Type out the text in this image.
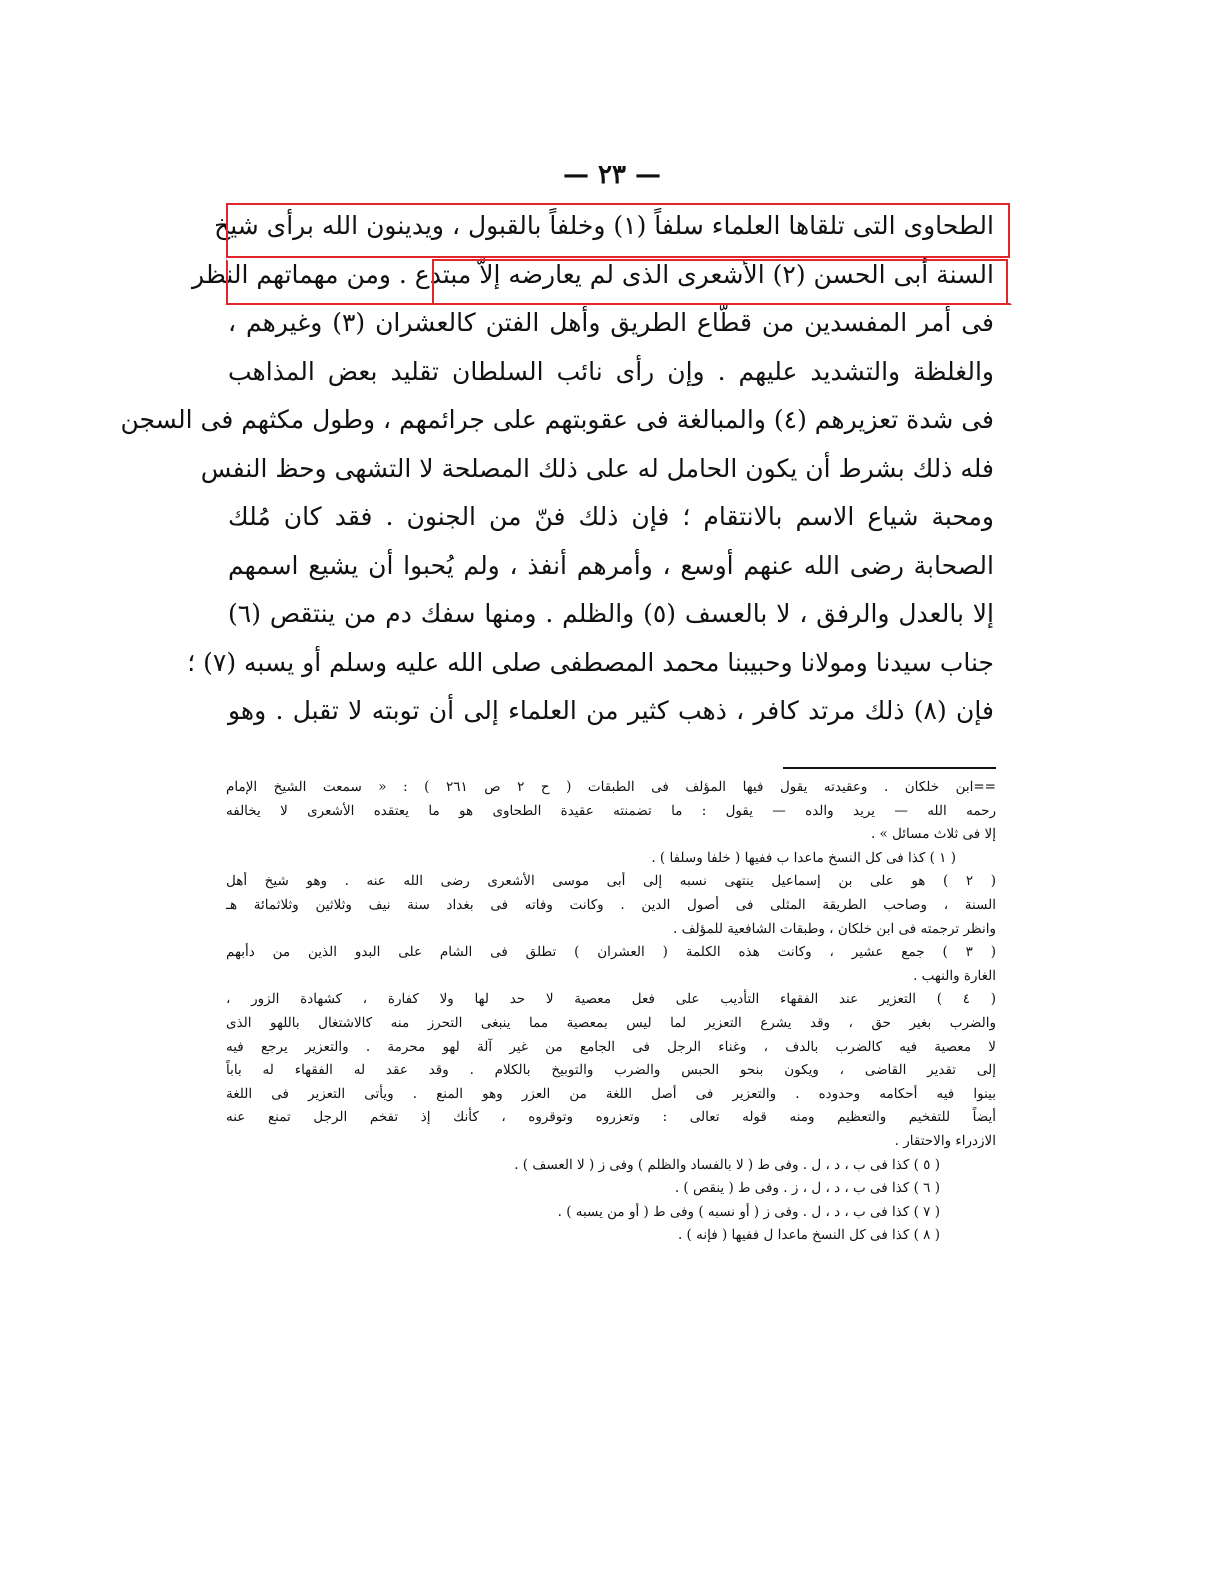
— ٢٣ —
الطحاوى التى تلقاها العلماء سلفاً (١) وخلفاً بالقبول ، ويدينون الله برأى شيخ
السنة أبى الحسن (٢) الأشعرى الذى لم يعارضه إلاّ مبتدع . ومن مهماتهم النظر
فى أمر المفسدين من قطّاع الطريق وأهل الفتن كالعشران (٣) وغيرهم ،
والغلظة والتشديد عليهم . وإن رأى نائب السلطان تقليد بعض المذاهب
فى شدة تعزيرهم (٤) والمبالغة فى عقوبتهم على جرائمهم ، وطول مكثهم فى السجن
فله ذلك بشرط أن يكون الحامل له على ذلك المصلحة لا التشهى وحظ النفس
ومحبة شياع الاسم بالانتقام ؛ فإن ذلك فنّ من الجنون . فقد كان مُلك
الصحابة رضى الله عنهم أوسع ، وأمرهم أنفذ ، ولم يُحبوا أن يشيع اسمهم
إلا بالعدل والرفق ، لا بالعسف (٥) والظلم . ومنها سفك دم من ينتقص (٦)
جناب سيدنا ومولانا وحبيبنا محمد المصطفى صلى الله عليه وسلم أو يسبه (٧) ؛
فإن (٨) ذلك مرتد كافر ، ذهب كثير من العلماء إلى أن توبته لا تقبل . وهو
==ابن خلكان . وعقيدته يقول فيها المؤلف فى الطبقات ( ح ٢ ص ٢٦١ ) : « سمعت الشيخ الإمام
رحمه الله — يريد والده — يقول : ما تضمنته عقيدة الطحاوى هو ما يعتقده الأشعرى لا يخالفه
إلا فى ثلاث مسائل » .
( ١ ) كذا فى كل النسخ ماعدا ب ففيها ( خلفا وسلفا ) .
( ٢ ) هو على بن إسماعيل ينتهى نسبه إلى أبى موسى الأشعرى رضى الله عنه . وهو شيخ أهل
السنة ، وصاحب الطريقة المثلى فى أصول الدين . وكانت وفاته فى بغداد سنة نيف وثلاثين وثلاثمائة هـ
وانظر ترجمته فى ابن خلكان ، وطبقات الشافعية للمؤلف .
( ٣ ) جمع عشير ، وكانت هذه الكلمة ( العشران ) تطلق فى الشام على البدو الذين من دأبهم
الغارة والنهب .
( ٤ ) التعزير عند الفقهاء التأديب على فعل معصية لا حد لها ولا كفارة ، كشهادة الزور ،
والضرب بغير حق ، وقد يشرع التعزير لما ليس بمعصية مما ينبغى التحرز منه كالاشتغال باللهو الذى
لا معصية فيه كالضرب بالدف ، وغناء الرجل فى الجامع من غير آلة لهو محرمة . والتعزير يرجع فيه
إلى تقدير القاضى ، ويكون بنحو الحبس والضرب والتوبيخ بالكلام . وقد عقد له الفقهاء له باباً
بينوا فيه أحكامه وحدوده . والتعزير فى أصل اللغة من العزر وهو المنع . ويأتى التعزير فى اللغة
أيضاً للتفخيم والتعظيم ومنه قوله تعالى : وتعزروه وتوقروه ، كأنك إذ تفخم الرجل تمنع عنه
الازدراء والاحتقار .
( ٥ ) كذا فى ب ، د ، ل . وفى ط ( لا بالفساد والظلم ) وفى ز ( لا العسف ) .
( ٦ ) كذا فى ب ، د ، ل ، ز . وفى ط ( ينقص ) .
( ٧ ) كذا فى ب ، د ، ل . وفى ز ( أو نسبه ) وفى ط ( أو من يسبه ) .
( ٨ ) كذا فى كل النسخ ماعدا ل ففيها ( فإنه ) .
